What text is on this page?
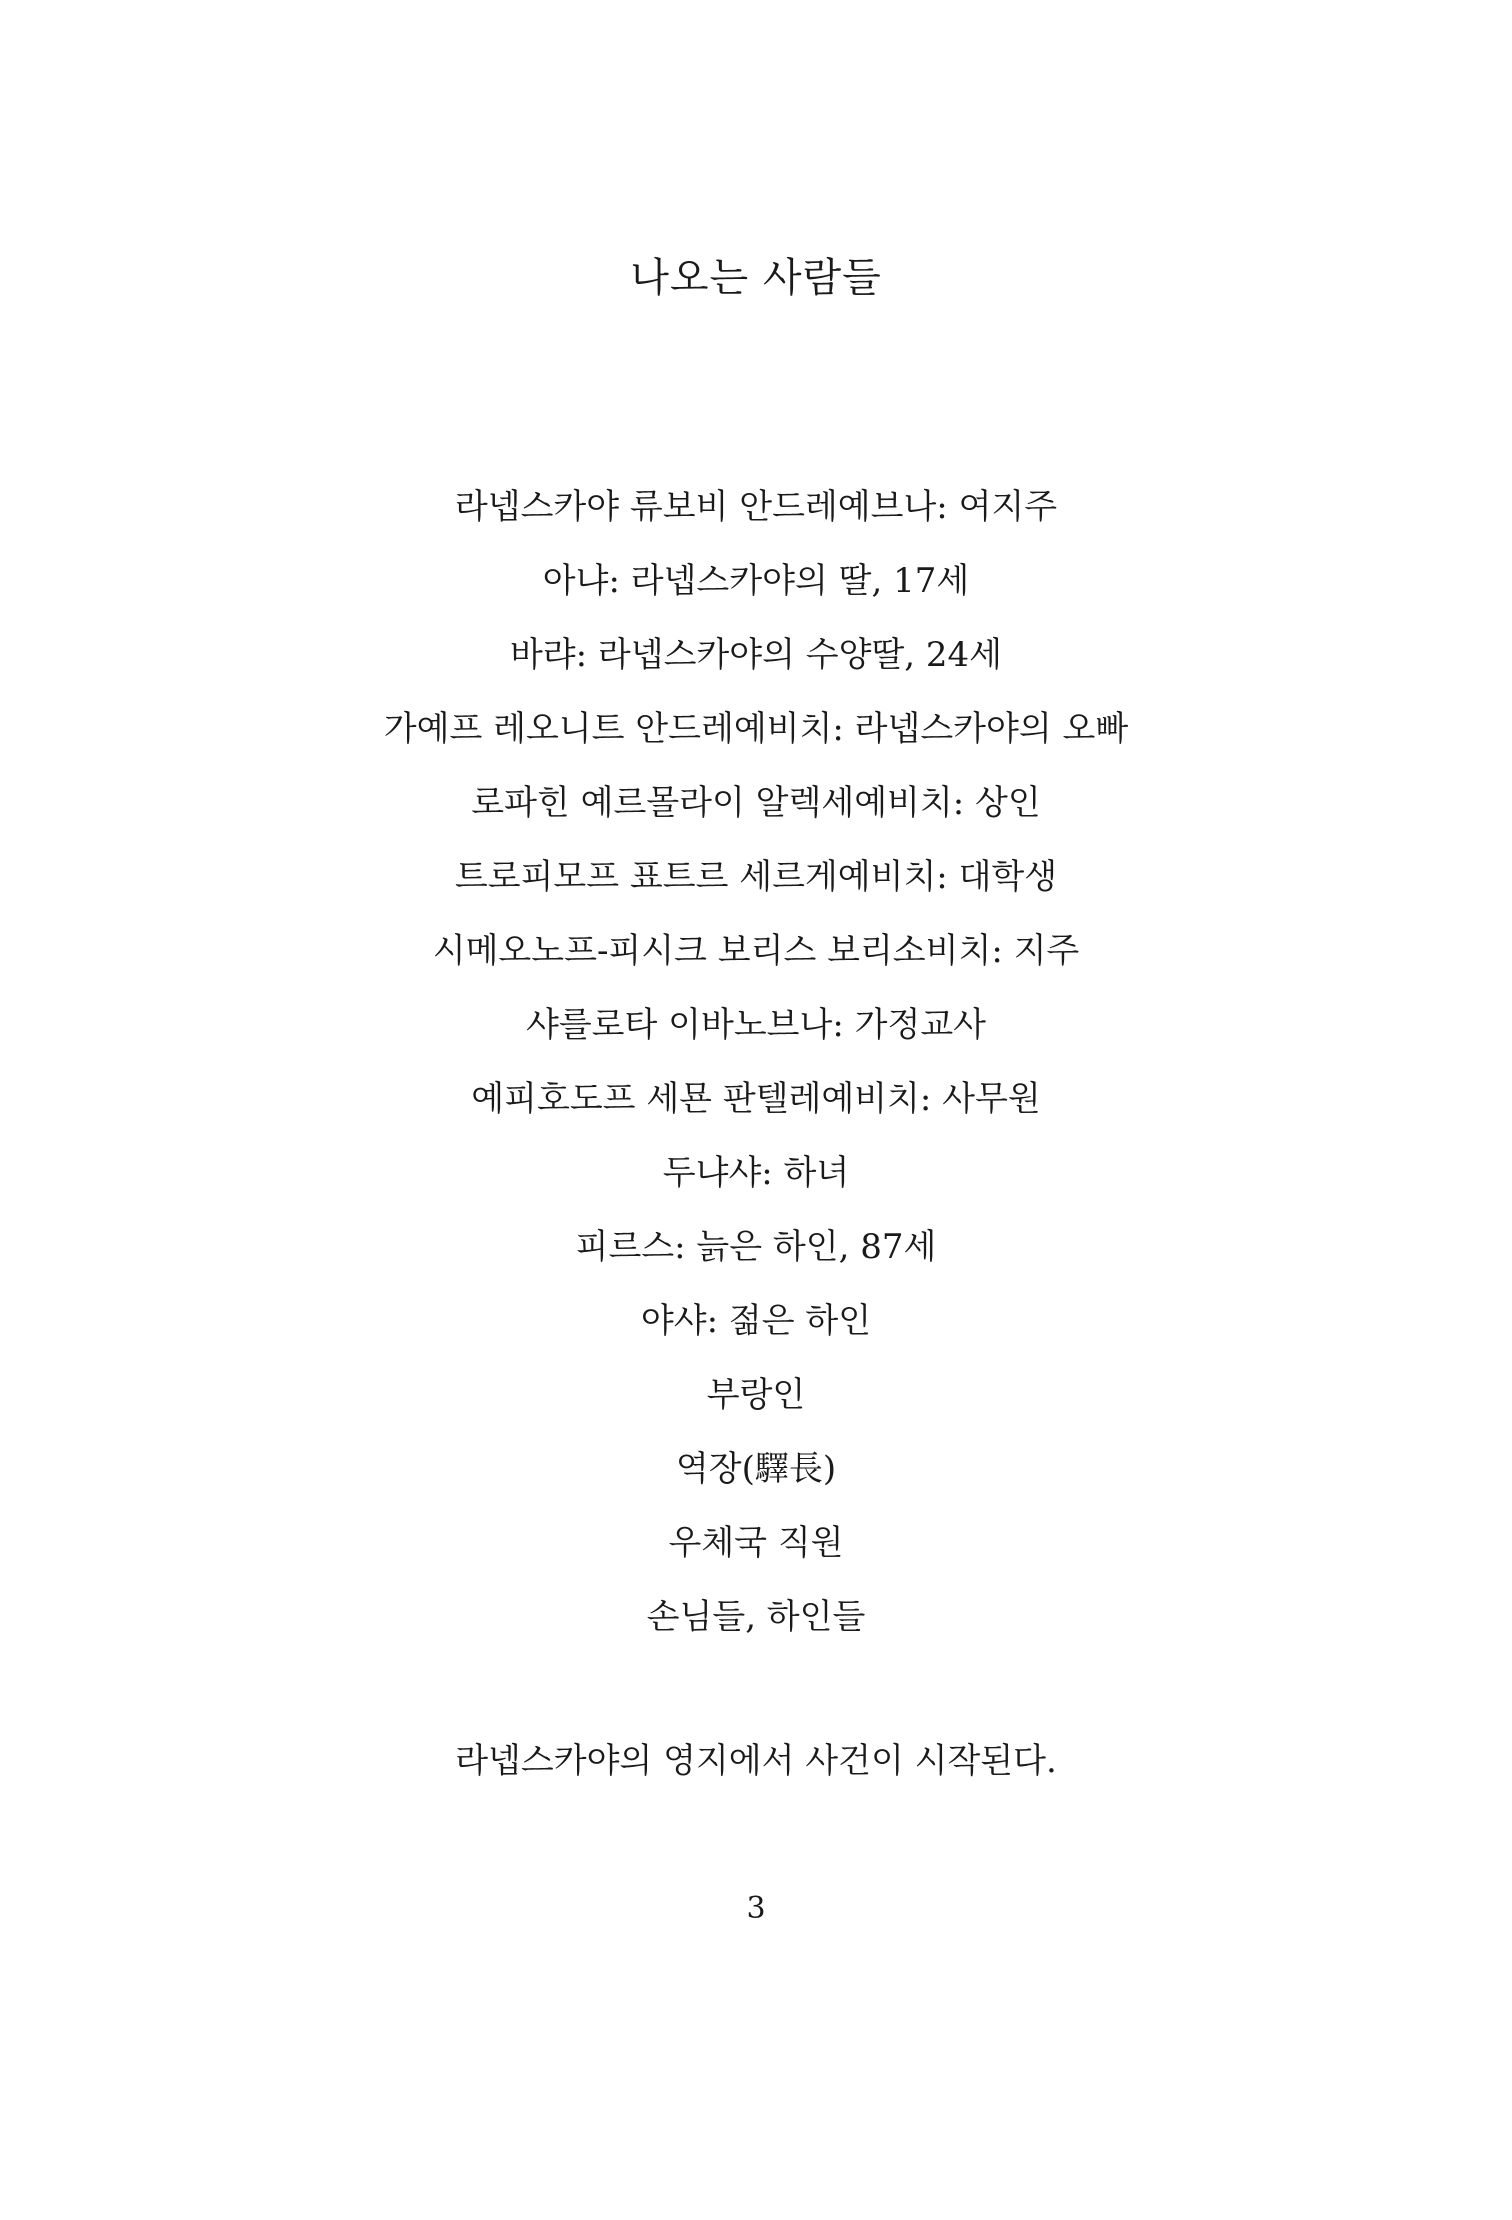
나오는 사람들
라넵스카야 류보비 안드레예브나: 여지주
아냐: 라넵스카야의 딸, 17세
바랴: 라넵스카야의 수양딸, 24세
가예프 레오니트 안드레예비치: 라넵스카야의 오빠
로파힌 예르몰라이 알렉세예비치: 상인
트로피모프 표트르 세르게예비치: 대학생
시메오노프-피시크 보리스 보리소비치: 지주
샤를로타 이바노브나: 가정교사
예피호도프 세묜 판텔레예비치: 사무원
두냐샤: 하녀
피르스: 늙은 하인, 87세
야샤: 젊은 하인
부랑인
역장(驛長)
우체국 직원
손님들, 하인들

라넵스카야의 영지에서 사건이 시작된다.

3
